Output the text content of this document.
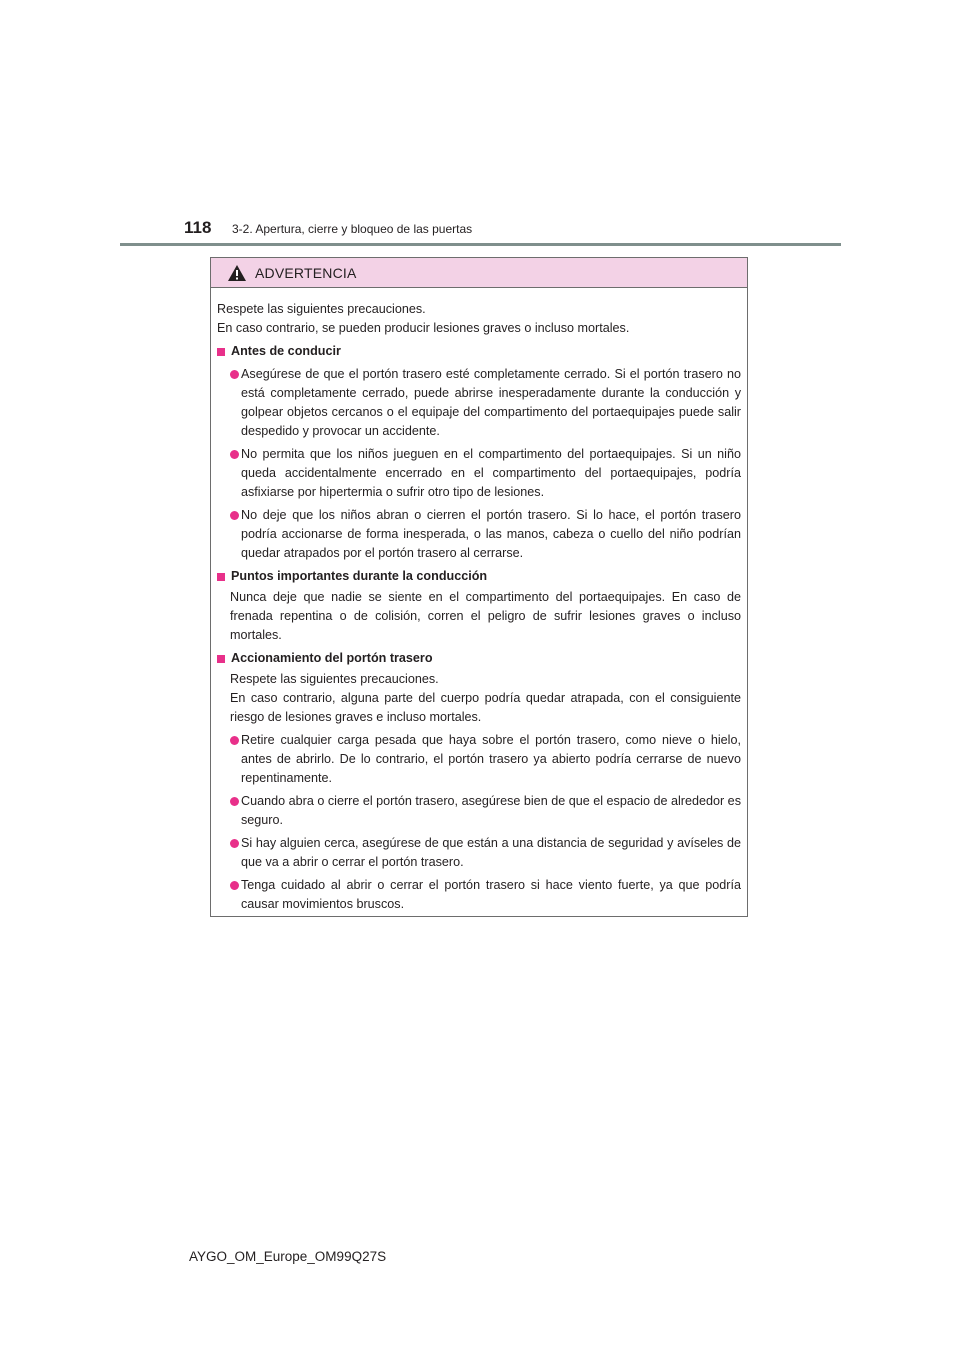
118 3-2. Apertura, cierre y bloqueo de las puertas
ADVERTENCIA

Respete las siguientes precauciones.

En caso contrario, se pueden producir lesiones graves o incluso mortales.

Antes de conducir
Asegúrese de que el portón trasero esté completamente cerrado. Si el portón trasero no está completamente cerrado, puede abrirse inesperadamente durante la conducción y golpear objetos cercanos o el equipaje del compartimento del portaequipajes puede salir despedido y provocar un accidente.
No permita que los niños jueguen en el compartimento del portaequipajes. Si un niño queda accidentalmente encerrado en el compartimento del portaequipajes, podría asfixiarse por hipertermia o sufrir otro tipo de lesiones.
No deje que los niños abran o cierren el portón trasero. Si lo hace, el portón trasero podría accionarse de forma inesperada, o las manos, cabeza o cuello del niño podrían quedar atrapados por el portón trasero al cerrarse.
Puntos importantes durante la conducción
Nunca deje que nadie se siente en el compartimento del portaequipajes. En caso de frenada repentina o de colisión, corren el peligro de sufrir lesiones graves o incluso mortales.
Accionamiento del portón trasero
Respete las siguientes precauciones.
En caso contrario, alguna parte del cuerpo podría quedar atrapada, con el consiguiente riesgo de lesiones graves e incluso mortales.
Retire cualquier carga pesada que haya sobre el portón trasero, como nieve o hielo, antes de abrirlo. De lo contrario, el portón trasero ya abierto podría cerrarse de nuevo repentinamente.
Cuando abra o cierre el portón trasero, asegúrese bien de que el espacio de alrededor es seguro.
Si hay alguien cerca, asegúrese de que están a una distancia de seguridad y avíseles de que va a abrir o cerrar el portón trasero.
Tenga cuidado al abrir o cerrar el portón trasero si hace viento fuerte, ya que podría causar movimientos bruscos.
AYGO_OM_Europe_OM99Q27S
